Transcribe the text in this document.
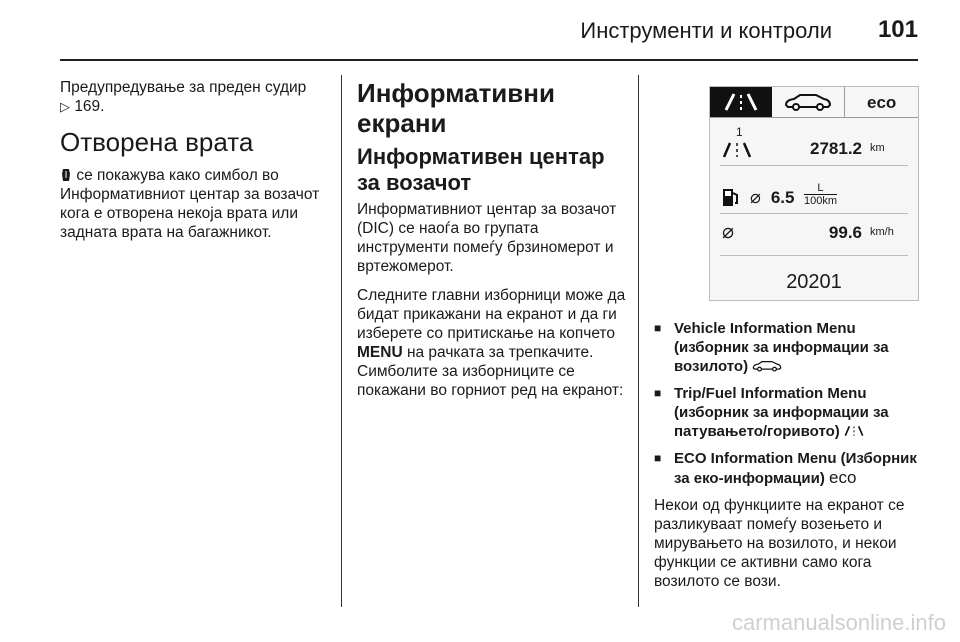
Инструменти и контроли 101

Предупредување за преден судир
▷ 169.

Отворена врата

се покажува како симбол во Информативниот центар за возачот кога е отворена некоја врата или задната врата на багажникот.

Информативни екрани
Информативен центар за возачот

Информативниот центар за возачот (DIC) се наоѓа во групата инструменти помеѓу брзиномерот и вртежомерот.

Следните главни изборници може да бидат прикажани на екранот и да ги изберете со притискање на копчето MENU на рачката за трепкачите. Симболите за изборниците се покажани во горниот ред на екранот:

eco
1
2781.2 km
⌀ 6.5	L
100km
⌀	99.6 km/h
20201
■ Vehicle Information Menu (изборник за информации за возилото)
■ Trip/Fuel Information Menu (изборник за информации за патувањето/горивото)
■ ECO Information Menu (Изборник за еко-информации) eco

Некои од функциите на екранот се разликуваат помеѓу возењето и мирувањето на возилото, и некои функции се активни само кога возилото се вози.

carmanualsonline.info
